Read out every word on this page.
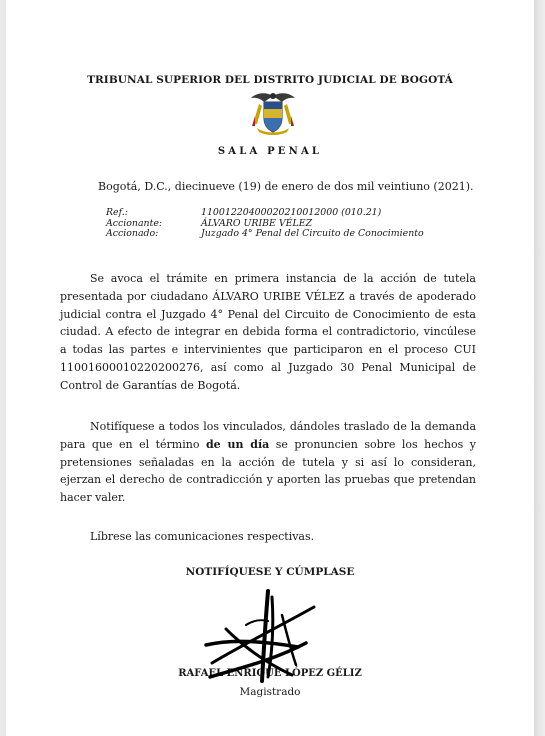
TRIBUNAL SUPERIOR DEL DISTRITO JUDICIAL DE BOGOTÁ
SALA PENAL
Bogotá, D.C., diecinueve (19) de enero de dos mil veintiuno (2021).
Ref.:	11001220400020210012000 (010.21)
Accionante:	ÁLVARO URIBE VÉLEZ
Accionado:	Juzgado 4° Penal del Circuito de Conocimiento
Se avoca el trámite en primera instancia de la acción de tutela presentada por ciudadano ÁLVARO URIBE VÉLEZ a través de apoderado judicial contra el Juzgado 4° Penal del Circuito de Conocimiento de esta ciudad. A efecto de integrar en debida forma el contradictorio, vincúlese a todas las partes e intervinientes que participaron en el proceso CUI 11001600010220200276, así como al Juzgado 30 Penal Municipal de Control de Garantías de Bogotá.
Notifíquese a todos los vinculados, dándoles traslado de la demanda para que en el término de un día se pronuncien sobre los hechos y pretensiones señaladas en la acción de tutela y si así lo consideran, ejerzan el derecho de contradicción y aporten las pruebas que pretendan hacer valer.
Líbrese las comunicaciones respectivas.
NOTIFÍQUESE Y CÚMPLASE
RAFAEL ENRIQUE LÓPEZ GÉLIZ
Magistrado
